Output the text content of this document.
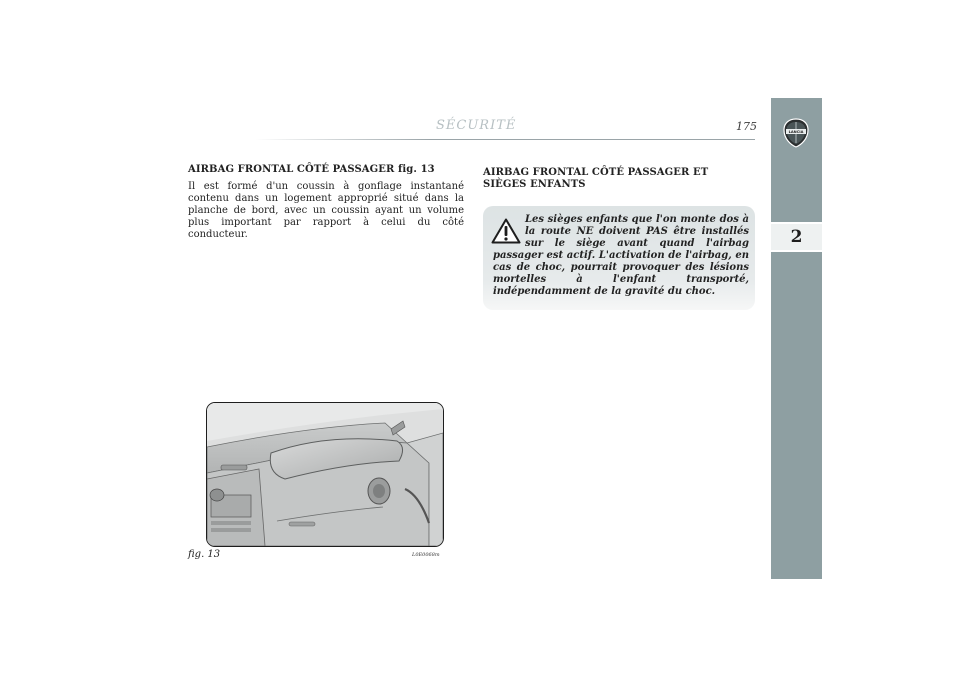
SÉCURITÉ	175	LANCIA
2
AIRBAG FRONTAL CÔTÉ PASSAGER fig. 13
Il est formé d'un coussin à gonflage instantané contenu dans un logement approprié situé dans la planche de bord, avec un coussin ayant un volume plus important par rapport à celui du côté conducteur.
fig. 13	L0E0068m
AIRBAG FRONTAL CÔTÉ PASSAGER ET
SIÈGES ENFANTS
Les sièges enfants que l'on monte dos à la route NE doivent PAS être installés sur le siège avant quand l'airbag passager est actif. L'activation de l'airbag, en cas de choc, pourrait provoquer des lésions mortelles à l'enfant transporté, indépendamment de la gravité du choc.
